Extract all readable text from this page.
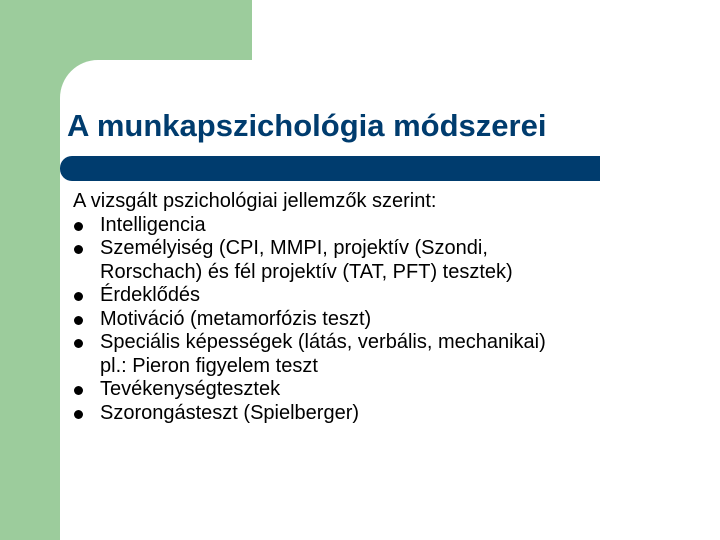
A munkapszichológia módszerei
A vizsgált pszichológiai jellemzők szerint:
Intelligencia
Személyiség (CPI, MMPI, projektív (Szondi,
Rorschach) és fél projektív (TAT, PFT) tesztek)
Érdeklődés
Motiváció (metamorfózis teszt)
Speciális képességek (látás, verbális, mechanikai)
pl.: Pieron figyelem teszt
Tevékenységtesztek
Szorongásteszt (Spielberger)
